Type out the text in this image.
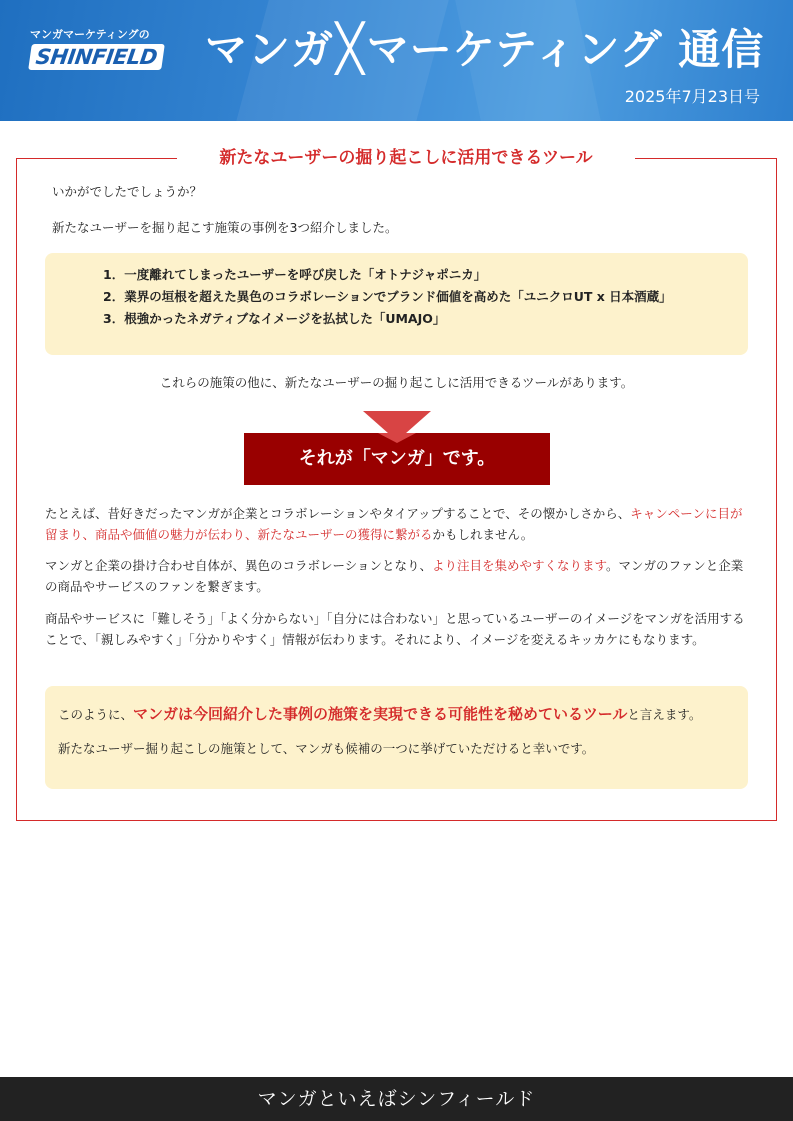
マンガマーケティングの
SHINFIELD マンガ╳マーケティング 通信
2025年7月23日号
新たなユーザーの掘り起こしに活用できるツール
いかがでしたでしょうか？
新たなユーザーを掘り起こす施策の事例を3つ紹介しました。
1．一度離れてしまったユーザーを呼び戻した「オトナジャポニカ」
2．業界の垣根を超えた異色のコラボレーションでブランド価値を高めた「ユニクロUT x 日本酒蔵」
3．根強かったネガティブなイメージを払拭した「UMAJO」
これらの施策の他に、新たなユーザーの掘り起こしに活用できるツールがあります。
それが「マンガ」です。
たとえば、昔好きだったマンガが企業とコラボレーションやタイアップすることで、その懐かしさから、キャンペーンに目が留まり、商品や価値の魅力が伝わり、新たなユーザーの獲得に繋がるかもしれません。
マンガと企業の掛け合わせ自体が、異色のコラボレーションとなり、より注目を集めやすくなります。マンガのファンと企業の商品やサービスのファンを繋ぎます。
商品やサービスに「難しそう」「よく分からない」「自分には合わない」と思っているユーザーのイメージをマンガを活用することで、「親しみやすく」「分かりやすく」情報が伝わります。それにより、イメージを変えるキッカケにもなります。
このように、マンガは今回紹介した事例の施策を実現できる可能性を秘めているツールと言えます。
新たなユーザー掘り起こしの施策として、マンガも候補の一つに挙げていただけると幸いです。
マンガといえばシンフィールド
